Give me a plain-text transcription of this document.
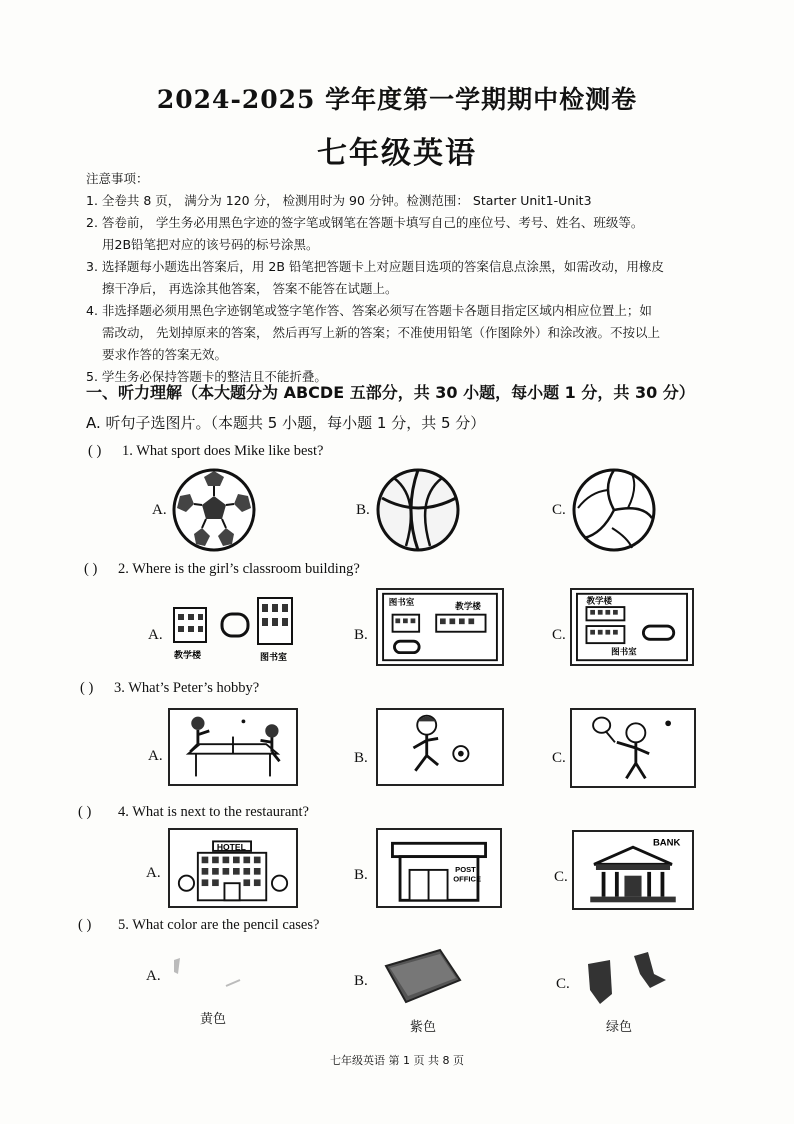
2024-2025 学年度第一学期期中检测卷
七年级英语
注意事项：
1. 全卷共 8 页， 满分为 120 分， 检测用时为 90 分钟。检测范围： Starter Unit1-Unit3
2. 答卷前， 学生务必用黑色字迹的签字笔或钢笔在答题卡填写自己的座位号、考号、姓名、班级等。
用2B铅笔把对应的该号码的标号涂黑。
3. 选择题每小题选出答案后，用 2B 铅笔把答题卡上对应题目选项的答案信息点涂黑，如需改动，用橡皮
擦干净后， 再选涂其他答案， 答案不能答在试题上。
4. 非选择题必须用黑色字迹钢笔或签字笔作答、答案必须写在答题卡各题目指定区域内相应位置上；如
需改动， 先划掉原来的答案， 然后再写上新的答案；不准使用铅笔（作图除外）和涂改液。不按以上
要求作答的答案无效。
5. 学生务必保持答题卡的整洁且不能折叠。
一、听力理解（本大题分为 ABCDE 五部分，共 30 小题，每小题 1 分，共 30 分）
A. 听句子选图片。（本题共 5 小题，每小题 1 分，共 5 分）
( ) 1. What sport does Mike like best?
A.	B.	C.
( ) 2. Where is the girl’s classroom building?
A.
教学楼	图书室
B.
图书室	教学楼
C.
教学楼
图书室
( ) 3. What’s Peter’s hobby?
A.	B.	C.
( ) 4. What is next to the restaurant?
A.
HOTEL
B.	POST
OFFICE	C.
BANK
( ) 5. What color are the pencil cases?
A.
黄色
B.
紫色
C.
绿色
七年级英语 第 1 页 共 8 页
